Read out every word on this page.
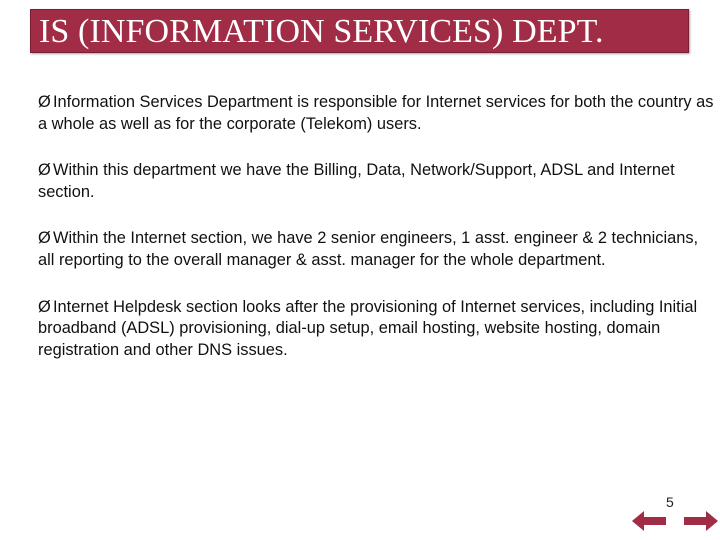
IS (INFORMATION SERVICES) DEPT.

Ø Information Services Department is responsible for Internet services for both the country as a whole as well as for the corporate (Telekom) users.

Ø Within this department we have the Billing, Data, Network/Support, ADSL and Internet section.

Ø Within the Internet section, we have 2 senior engineers, 1 asst. engineer & 2 technicians, all reporting to the overall manager & asst. manager for the whole department.

Ø Internet Helpdesk section looks after the provisioning of Internet services, including Initial broadband (ADSL) provisioning, dial-up setup, email hosting, website hosting, domain registration and other DNS issues.

5
